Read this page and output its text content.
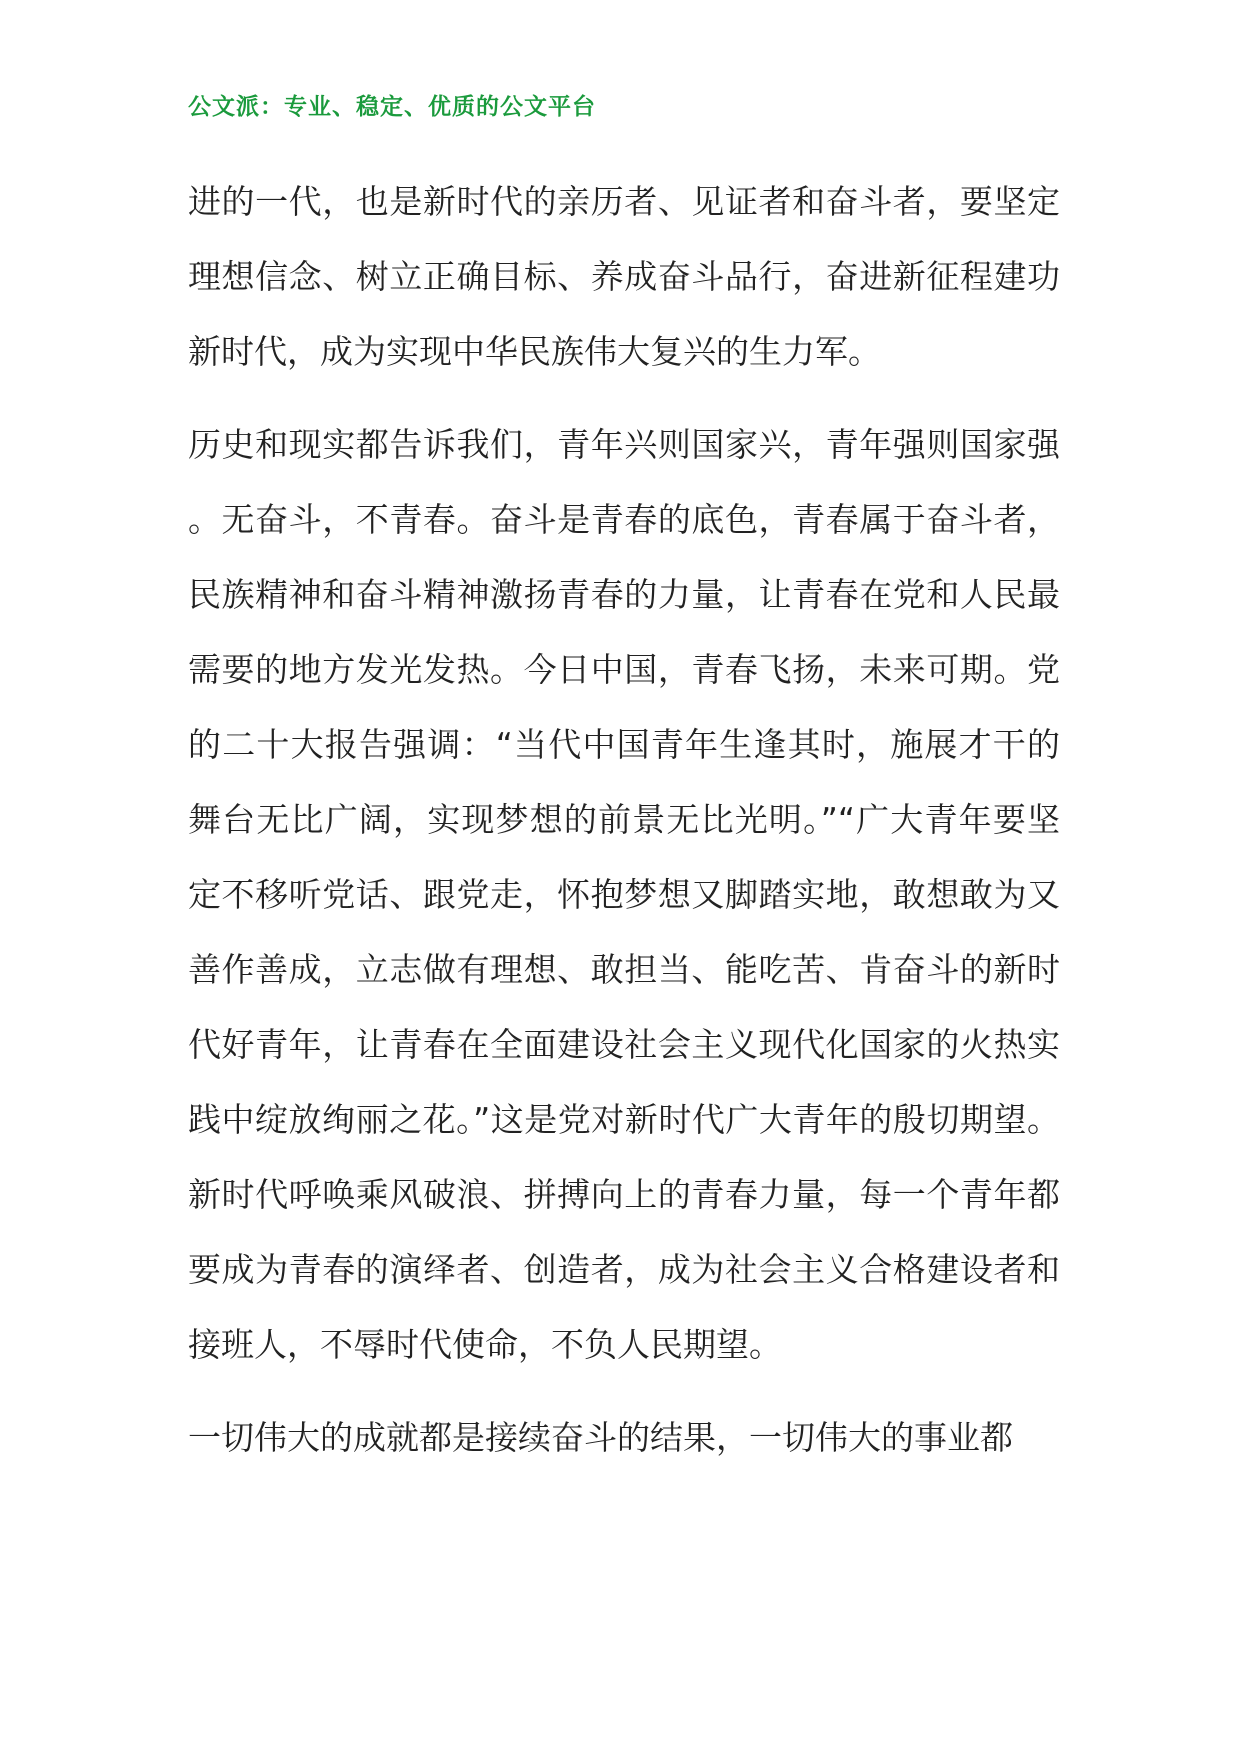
公文派：专业、稳定、优质的公文平台

进的一代，也是新时代的亲历者、见证者和奋斗者，要坚定理想信念、树立正确目标、养成奋斗品行，奋进新征程建功新时代，成为实现中华民族伟大复兴的生力军。

历史和现实都告诉我们，青年兴则国家兴，青年强则国家强。无奋斗，不青春。奋斗是青春的底色，青春属于奋斗者，民族精神和奋斗精神激扬青春的力量，让青春在党和人民最需要的地方发光发热。今日中国，青春飞扬，未来可期。党的二十大报告强调：“当代中国青年生逢其时，施展才干的舞台无比广阔，实现梦想的前景无比光明。”“广大青年要坚定不移听党话、跟党走，怀抱梦想又脚踏实地，敢想敢为又善作善成，立志做有理想、敢担当、能吃苦、肯奋斗的新时代好青年，让青春在全面建设社会主义现代化国家的火热实践中绽放绚丽之花。”这是党对新时代广大青年的殷切期望。新时代呼唤乘风破浪、拼搏向上的青春力量，每一个青年都要成为青春的演绎者、创造者，成为社会主义合格建设者和接班人，不辱时代使命，不负人民期望。

一切伟大的成就都是接续奋斗的结果，一切伟大的事业都
